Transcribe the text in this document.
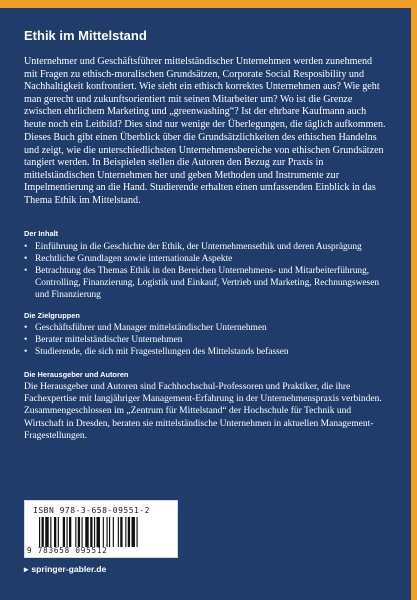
Ethik im Mittelstand

Unternehmer und Geschäftsführer mittelständischer Unternehmen werden zunehmend mit Fragen zu ethisch-moralischen Grundsätzen, Corporate Social Resposibility und Nachhaltigkeit konfrontiert. Wie sieht ein ethisch korrektes Unternehmen aus? Wie geht man gerecht und zukunftsorientiert mit seinen Mitarbeiter um? Wo ist die Grenze zwischen ehrlichem Marketing und „greenwashing“? Ist der ehrbare Kaufmann auch heute noch ein Leitbild? Dies sind nur wenige der Überlegungen, die täglich aufkommen.

Dieses Buch gibt einen Überblick über die Grundsätzlichkeiten des ethischen Handelns und zeigt, wie die unterschiedlichsten Unternehmensbereiche von ethischen Grundsätzen tangiert werden. In Beispielen stellen die Autoren den Bezug zur Praxis in mittelständischen Unternehmen her und geben Methoden und Instrumente zur Impelmentierung an die Hand. Studierende erhalten einen umfassenden Einblick in das Thema Ethik im Mittelstand.

Der Inhalt
• Einführung in die Geschichte der Ethik, der Unternehmensethik und deren Ausprägung
• Rechtliche Grundlagen sowie internationale Aspekte
• Betrachtung des Themas Ethik in den Bereichen Unternehmens- und Mitarbeiterführung, Controlling, Finanzierung, Logistik und Einkauf, Vertrieb und Marketing, Rechnungswesen und Finanzierung
Die Zielgruppen
• Geschäftsführer und Manager mittelständischer Unternehmen
• Berater mittelständischer Unternehmen
• Studierende, die sich mit Fragestellungen des Mittelstands befassen
Die Herausgeber und Autoren

Die Herausgeber und Autoren sind Fachhochschul-Professoren und Praktiker, die ihre Fachexpertise mit langjähriger Management-Erfahrung in der Unternehmenspraxis verbinden. Zusammengeschlossen im „Zentrum für Mittelstand“ der Hochschule für Technik und Wirtschaft in Dresden, beraten sie mittelständische Unternehmen in aktuellen Management-Fragestellungen.

ISBN 978-3-658-09551-2
9 783658 095512
▸ springer-gabler.de
